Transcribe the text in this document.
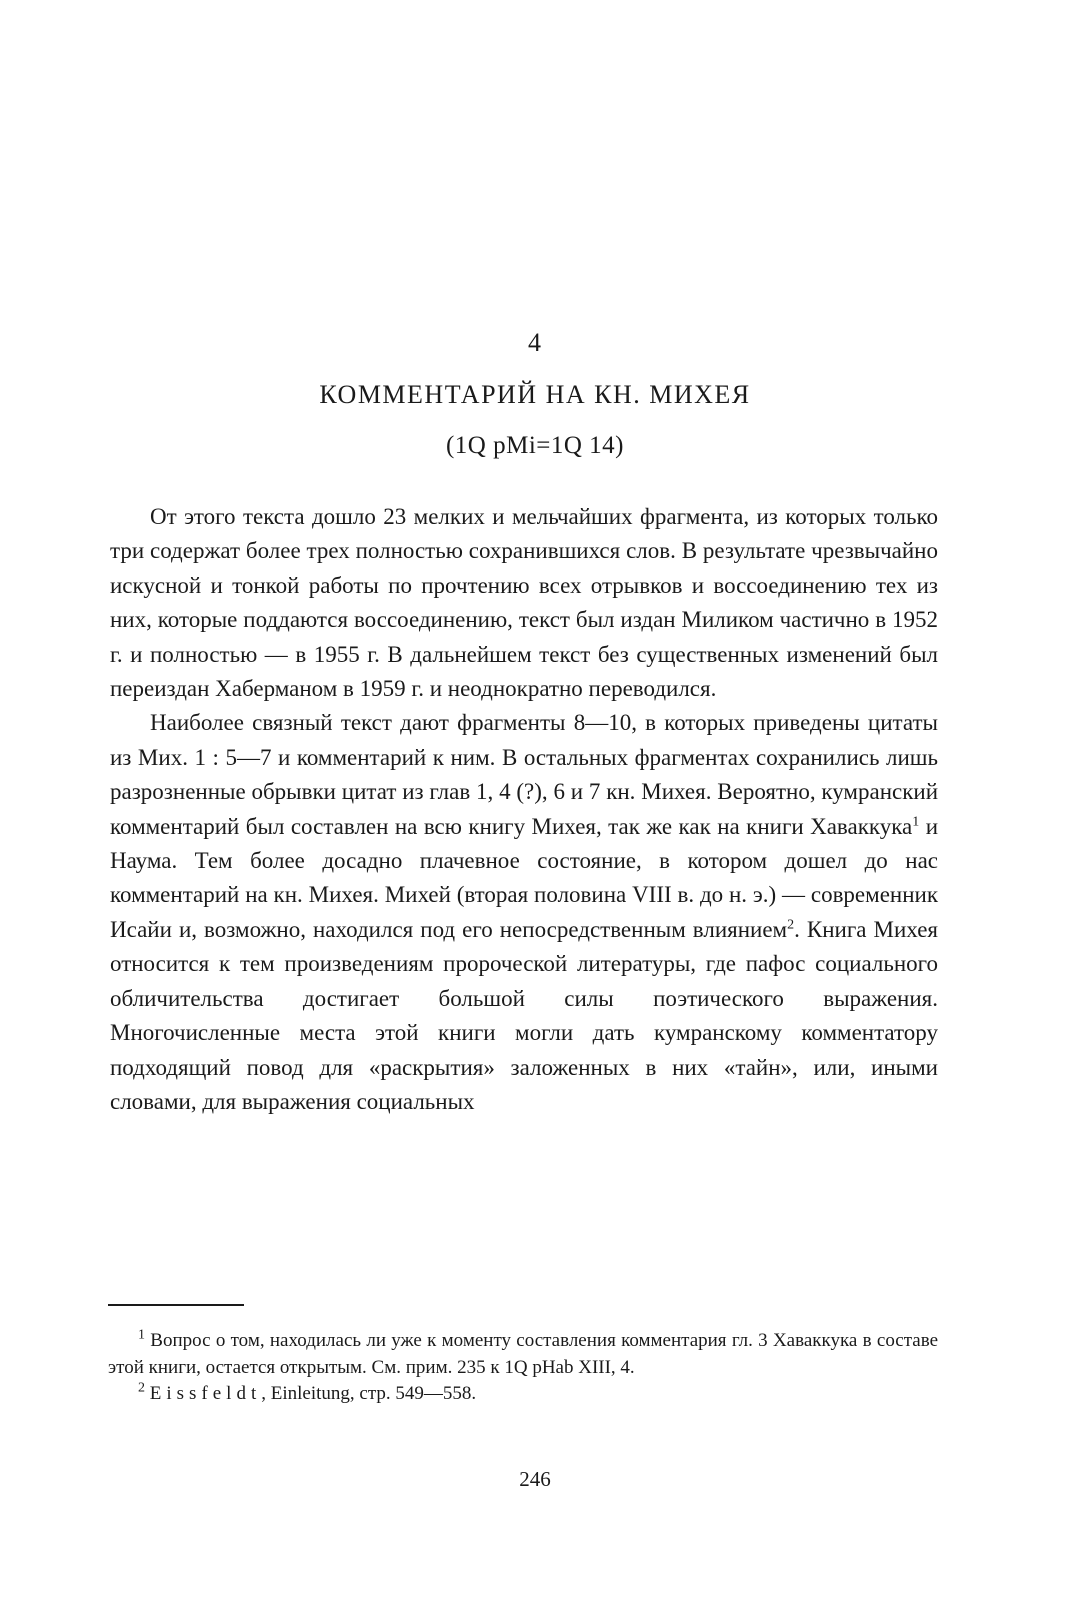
4
КОММЕНТАРИЙ НА КН. МИХЕЯ
(1Q pMi=1Q 14)

От этого текста дошло 23 мелких и мельчайших фрагмента, из которых только три содержат более трех полностью сохранившихся слов. В результате чрезвычайно искусной и тонкой работы по прочтению всех отрывков и воссоединению тех из них, которые поддаются воссоединению, текст был издан Миликом частично в 1952 г. и полностью — в 1955 г. В дальнейшем текст без существенных изменений был переиздан Хаберманом в 1959 г. и неоднократно переводился.

Наиболее связный текст дают фрагменты 8—10, в которых приведены цитаты из Мих. 1 : 5—7 и комментарий к ним. В остальных фрагментах сохранились лишь разрозненные обрывки цитат из глав 1, 4 (?), 6 и 7 кн. Михея. Вероятно, кумранский комментарий был составлен на всю книгу Михея, так же как на книги Хаваккука$^1$ и Наума. Тем более досадно плачевное состояние, в котором дошел до нас комментарий на кн. Михея. Михей (вторая половина VIII в. до н. э.) — современник Исайи и, возможно, находился под его непосредственным влиянием$^2$. Книга Михея относится к тем произведениям пророческой литературы, где пафос социального обличительства достигает большой силы поэтического выражения. Многочисленные места этой книги могли дать кумранскому комментатору подходящий повод для «раскрытия» заложенных в них «тайн», или, иными словами, для выражения социальных

$^1$ Вопрос о том, находилась ли уже к моменту составления комментария гл. 3 Хаваккука в составе этой книги, остается открытым. См. прим. 235 к 1Q pHab XIII, 4.

$^2$ Eissfeldt, Einleitung, стр. 549—558.

246
